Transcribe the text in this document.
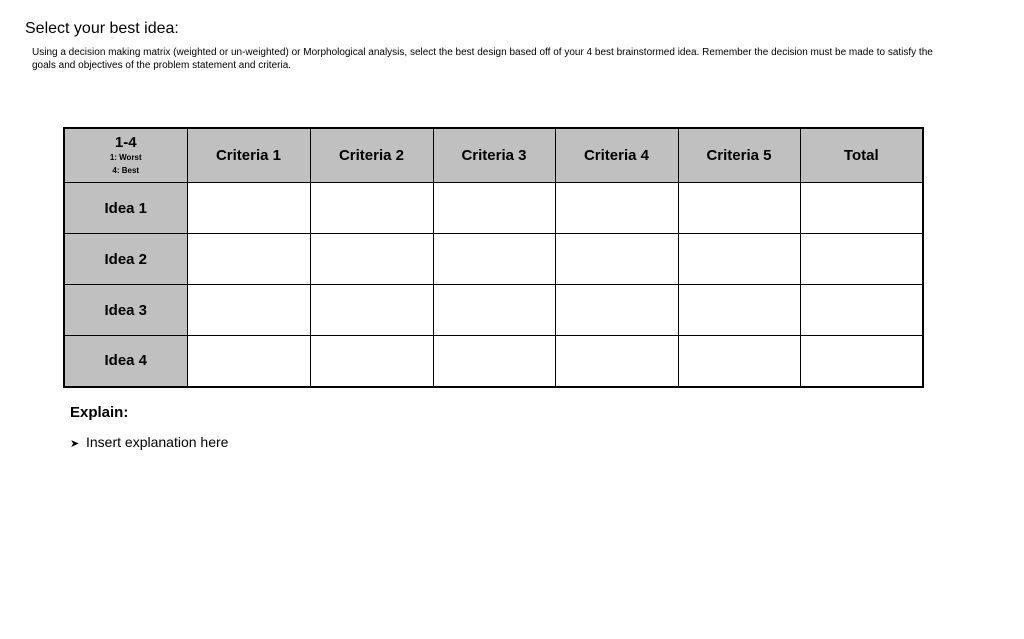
Select your best idea:
Using a decision making matrix (weighted or un-weighted) or Morphological analysis, select the best design based off of your 4 best brainstormed idea. Remember the decision must be made to satisfy the goals and objectives of the problem statement and criteria.
1-4
1: Worst
4: Best	Criteria 1	Criteria 2	Criteria 3	Criteria 4	Criteria 5	Total
Idea 1						
Idea 2						
Idea 3						
Idea 4						
Explain:
➤ Insert explanation here
